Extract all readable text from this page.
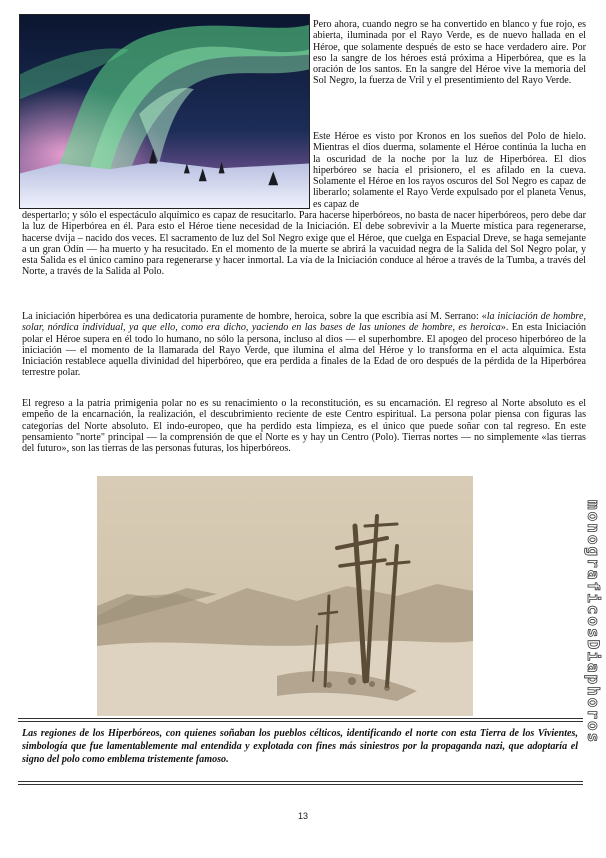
Pero ahora, cuando negro se ha convertido en blanco y fue rojo, es abierta, iluminada por el Rayo Verde, es de nuevo hallada en el Héroe, que solamente después de esto se hace verdadero aire. Por eso la sangre de los héroes está próxima a Hiperbórea, que es la oración de los santos. En la sangre del Héroe vive la memoria del Sol Negro, la fuerza de Vril y el presentimiento del Rayo Verde.

Este Héroe es visto por Kronos en los sueños del Polo de hielo. Mientras el dios duerma, solamente el Héroe continúa la lucha en la oscuridad de la noche por la luz de Hiperbórea. El dios hiperbóreo se hacía el prisionero, el es afilado en la cueva. Solamente el Héroe en los rayos oscuros del Sol Negro es capaz de liberarlo; solamente el Rayo Verde expulsado por el planeta Venus, es capaz de

despertarlo; y sólo el espectáculo alquímico es capaz de resucitarlo. Para hacerse hiperbóreos, no basta de nacer hiperbóreos, pero debe dar la luz de Hiperbórea en él. Para esto el Héroe tiene necesidad de la Iniciación. El debe sobrevivir a la Muerte mística para regenerarse, hacerse dvija – nacido dos veces. El sacramento de luz del Sol Negro exige que el Héroe, que cuelga en Espacial Dreve, se haga semejante a un gran Odín — ha muerto y ha resucitado. En el momento de la muerte se abrirá la vacuidad negra de la Salida del Sol Negro polar, y esta Salida es el único camino para regenerarse y hacer inmortal. La vía de la Iniciación conduce al héroe a través de la Tumba, a través del Norte, a través de la Salida al Polo.

La iniciación hiperbórea es una dedicatoria puramente de hombre, heroica, sobre la que escribía así M. Serrano: «la iniciación de hombre, solar, nórdica individual, ya que ello, como era dicho, yaciendo en las bases de las uniones de hombre, es heroica». En esta Iniciación polar el Héroe supera en él todo lo humano, no sólo la persona, incluso al dios — el superhombre. El apogeo del proceso hiperbóreo de la iniciación — el momento de la llamarada del Rayo Verde, que ilumina el alma del Héroe y lo transforma en el acta alquímica. Esta Iniciación restablece aquella divinidad del hiperbóreo, que era perdida a finales de la Edad de oro después de la pérdida de la Hiperbórea terrestre polar.

El regreso a la patria primigenia polar no es su renacimiento o la reconstitución, es su encarnación. El regreso al Norte absoluto es el empeño de la encarnación, la realización, el descubrimiento reciente de este Centro espiritual. La persona polar piensa con figuras las categorías del Norte absoluto. El indo-europeo, que ha perdido esta limpieza, es el único que puede soñar con tal regreso. En este pensamiento "norte" principal — la comprensión de que el Norte es y hay un Centro (Polo). Tierras nortes — no simplemente «las tierras del futuro», son las tierras de las personas futuras, los hiperbóreos.

Las regiones de los Hiperbóreos, con quienes soñaban los pueblos célticos, identificando el norte con esta Tierra de los Vivientes, simbología que fue lamentablemente mal entendida y explotada con fines más siniestros por la propaganda nazi, que adoptaría el signo del polo como emblema tristemente famoso.

monograficosDiaphoros
13
